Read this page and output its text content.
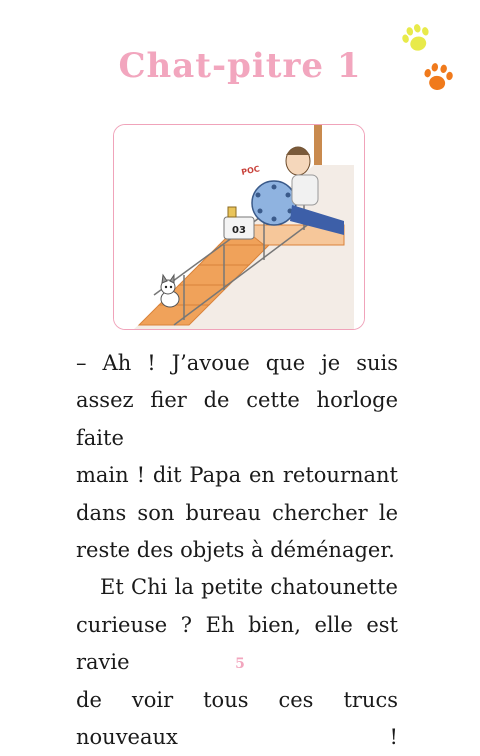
Chat-pitre 1
03
POC

– Ah ! J’avoue que je suis
assez fier de cette horloge faite
main ! dit Papa en retournant
dans son bureau chercher le
reste des objets à déménager.

Et Chi la petite chatounette
curieuse ? Eh bien, elle est ravie
de voir tous ces trucs nouveaux !

5
